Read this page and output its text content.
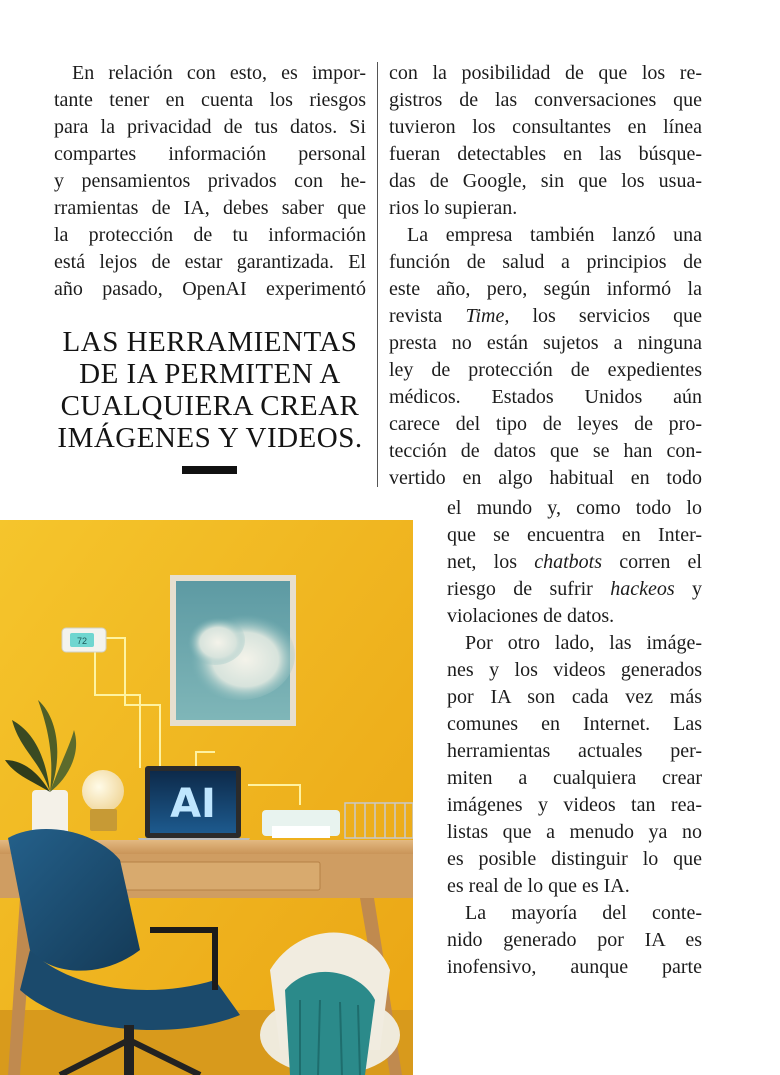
En relación con esto, es impor-
tante tener en cuenta los riesgos
para la privacidad de tus datos. Si
compartes información personal
y pensamientos privados con he-
rramientas de IA, debes saber que
la protección de tu información
está lejos de estar garantizada. El
año pasado, OpenAI experimentó
LAS HERRAMIENTAS
DE IA PERMITEN A
CUALQUIERA CREAR
IMÁGENES Y VIDEOS.
con la posibilidad de que los re-
gistros de las conversaciones que
tuvieron los consultantes en línea
fueran detectables en las búsque-
das de Google, sin que los usua-
rios lo supieran.
La empresa también lanzó una
función de salud a principios de
este año, pero, según informó la
revista Time, los servicios que
presta no están sujetos a ninguna
ley de protección de expedientes
médicos. Estados Unidos aún
carece del tipo de leyes de pro-
tección de datos que se han con-
vertido en algo habitual en todo
el mundo y, como todo lo
que se encuentra en Inter-
net, los chatbots corren el
riesgo de sufrir hackeos y
violaciones de datos.
Por otro lado, las imáge-
nes y los videos generados
por IA son cada vez más
comunes en Internet. Las
herramientas actuales per-
miten a cualquiera crear
imágenes y videos tan rea-
listas que a menudo ya no
es posible distinguir lo que
es real de lo que es IA.
La mayoría del conte-
nido generado por IA es
inofensivo, aunque parte
72
AI
